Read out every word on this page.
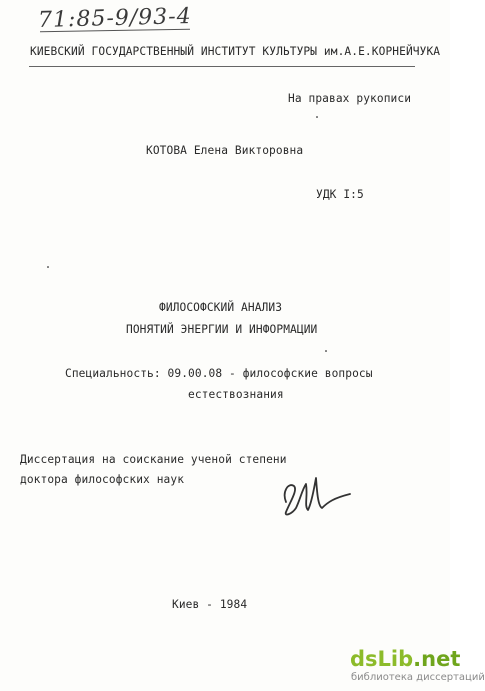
71:85-9/93-4
КИЕВСКИЙ ГОСУДАРСТВЕННЫЙ ИНСТИТУТ КУЛЬТУРЫ им.А.Е.КОРНЕЙЧУКА
На правах рукописи
КОТОВА Елена Викторовна
УДК I:5
ФИЛОСОФСКИЙ АНАЛИЗ
ПОНЯТИЙ ЭНЕРГИИ И ИНФОРМАЦИИ
Специальность: 09.00.08 - философские вопросы
естествознания
Диссертация на соискание ученой степени
доктора философских наук
Киев - 1984
dsLib.net
библиотека диссертаций
